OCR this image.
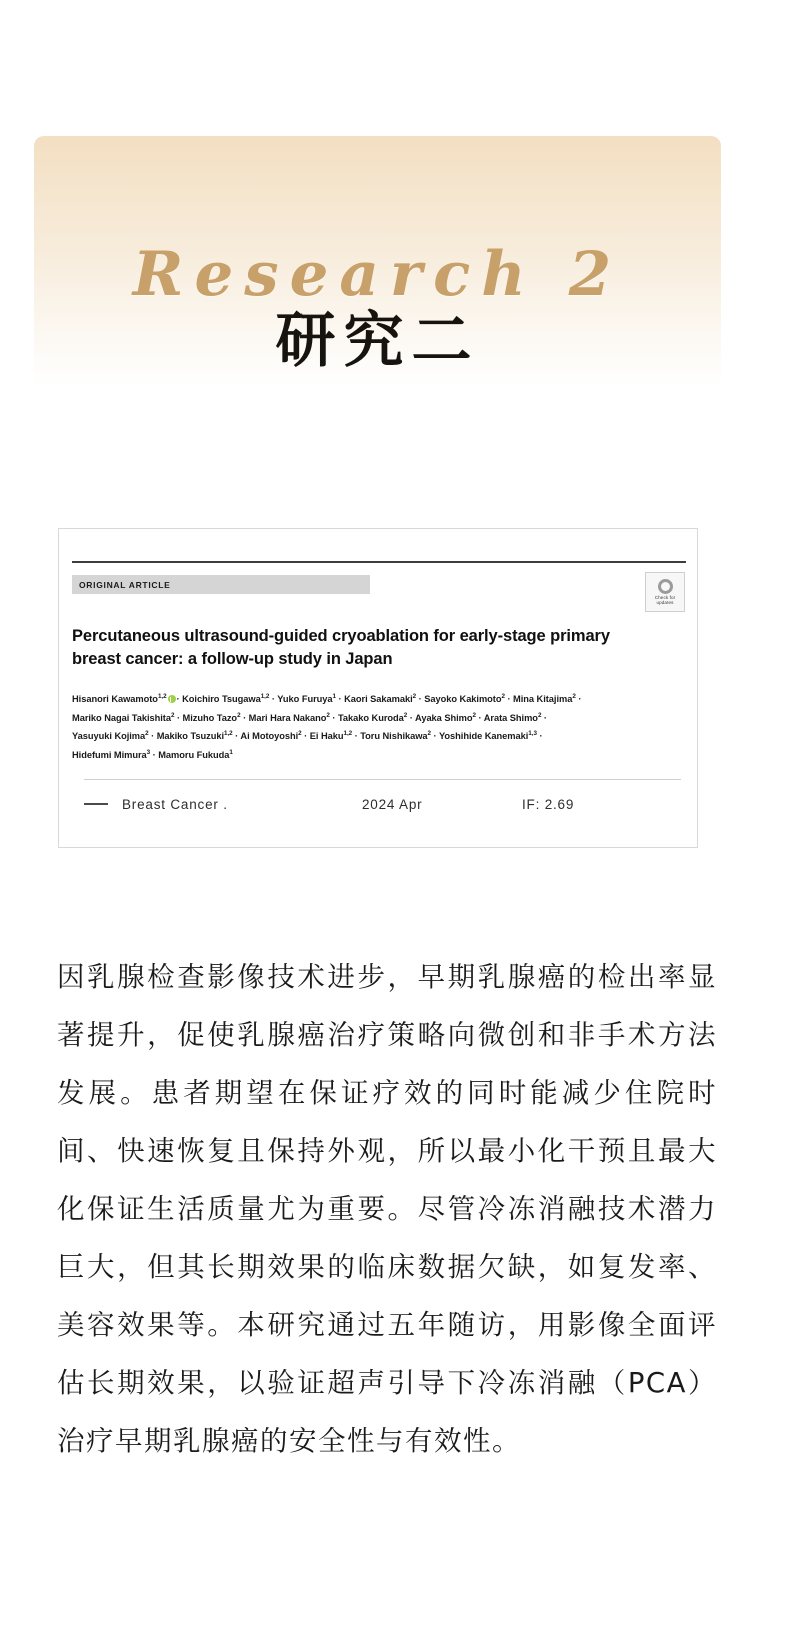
Research 2
研究二
ORIGINAL ARTICLE
Check for
updates
Percutaneous ultrasound-guided cryoablation for early-stage primary breast cancer: a follow-up study in Japan
Hisanori Kawamoto$^{1,2}$ · Koichiro Tsugawa$^{1,2}$ · Yuko Furuya$^1$ · Kaori Sakamaki$^2$ · Sayoko Kakimoto$^2$ · Mina Kitajima$^2$ ·
Mariko Nagai Takishita$^2$ · Mizuho Tazo$^2$ · Mari Hara Nakano$^2$ · Takako Kuroda$^2$ · Ayaka Shimo$^2$ · Arata Shimo$^2$ ·
Yasuyuki Kojima$^2$ · Makiko Tsuzuki$^{1,2}$ · Ai Motoyoshi$^2$ · Ei Haku$^{1,2}$ · Toru Nishikawa$^2$ · Yoshihide Kanemaki$^{1,3}$ ·
Hidefumi Mimura$^3$ · Mamoru Fukuda$^1$
Breast Cancer .	2024 Apr	IF: 2.69
因乳腺检查影像技术进步，早期乳腺癌的检出率显著提升，促使乳腺癌治疗策略向微创和非手术方法发展。患者期望在保证疗效的同时能减少住院时间、快速恢复且保持外观，所以最小化干预且最大化保证生活质量尤为重要。尽管冷冻消融技术潜力巨大，但其长期效果的临床数据欠缺，如复发率、美容效果等。本研究通过五年随访，用影像全面评估长期效果，以验证超声引导下冷冻消融（PCA）治疗早期乳腺癌的安全性与有效性。
